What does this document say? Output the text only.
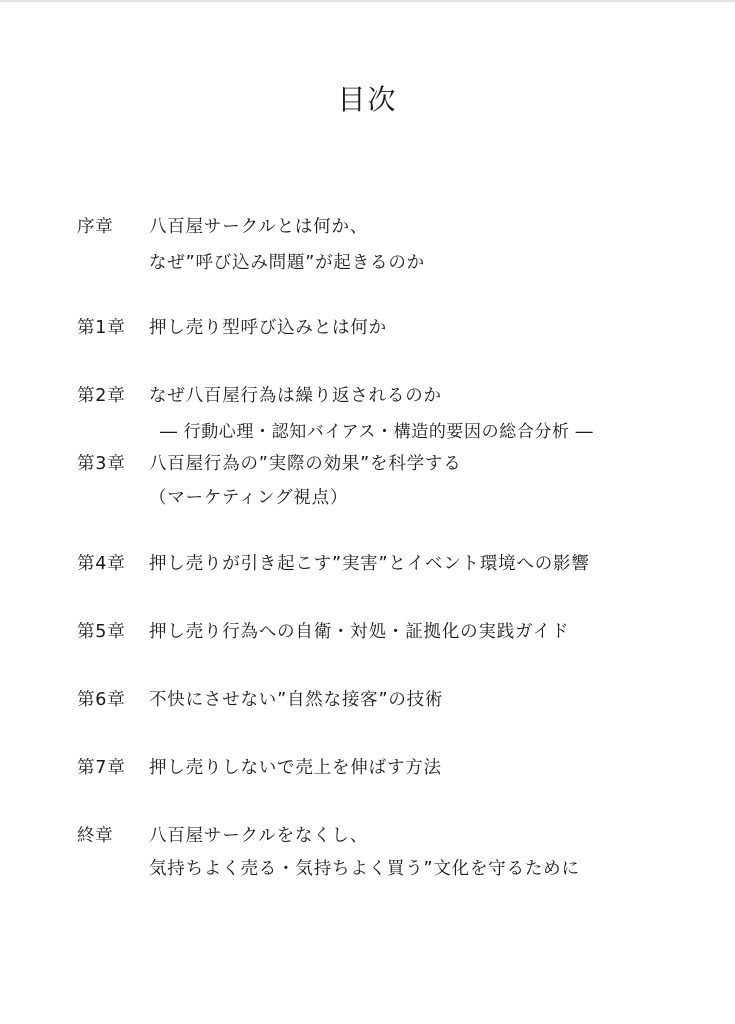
目次
序章 八百屋サークルとは何か、
なぜ”呼び込み問題”が起きるのか
第1章 押し売り型呼び込みとは何か
第2章 なぜ八百屋行為は繰り返されるのか
― 行動心理・認知バイアス・構造的要因の総合分析 ―
第3章 八百屋行為の”実際の効果”を科学する
（マーケティング視点）
第4章 押し売りが引き起こす”実害”とイベント環境への影響
第5章 押し売り行為への自衛・対処・証拠化の実践ガイド
第6章 不快にさせない”自然な接客”の技術
第7章 押し売りしないで売上を伸ばす方法
終章 八百屋サークルをなくし、
気持ちよく売る・気持ちよく買う”文化を守るために
